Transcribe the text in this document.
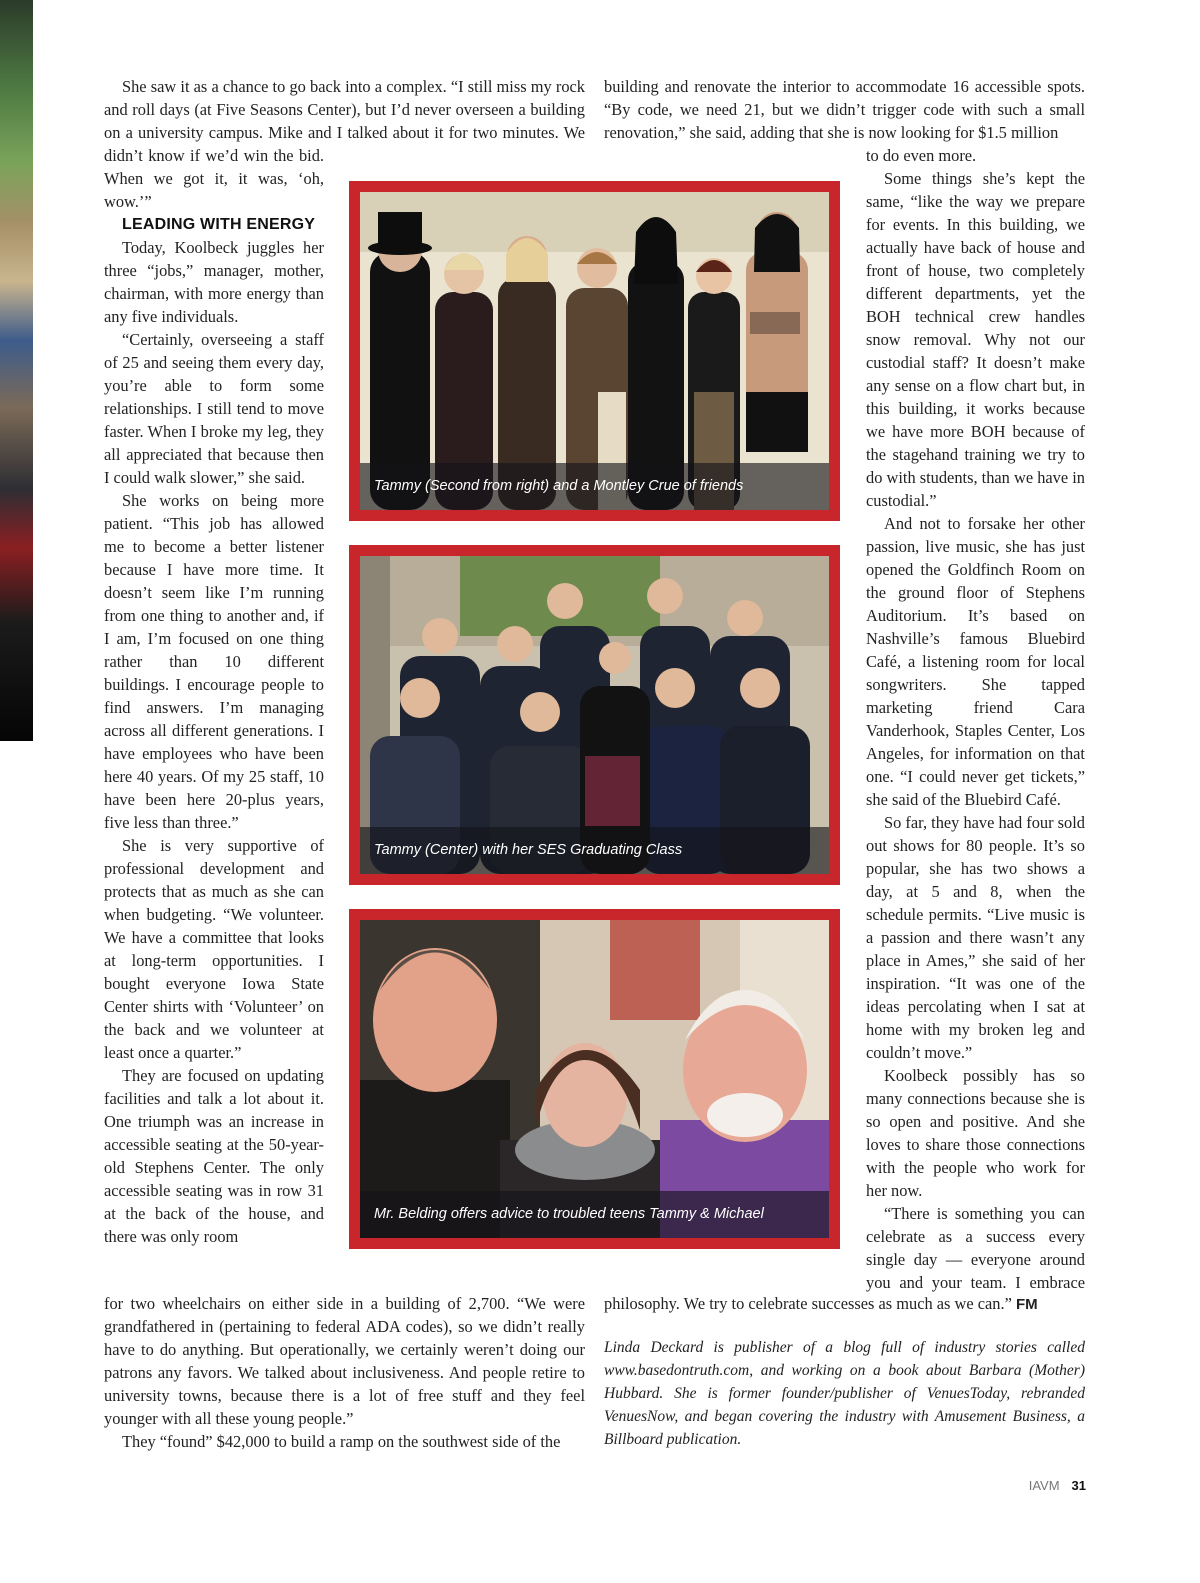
She saw it as a chance to go back into a complex. “I still miss my rock and roll days (at Five Seasons Center), but I’d never overseen a building on a university campus. Mike and I talked about it for two minutes. We

didn’t know if we’d win the bid. When we got it, it was, ‘oh, wow.’”

LEADING WITH ENERGY

Today, Koolbeck juggles her three “jobs,” manager, mother, chairman, with more energy than any five individuals.

“Certainly, overseeing a staff of 25 and seeing them every day, you’re able to form some relationships. I still tend to move faster. When I broke my leg, they all appreciated that because then I could walk slower,” she said.

She works on being more patient. “This job has allowed me to become a better listener because I have more time. It doesn’t seem like I’m running from one thing to another and, if I am, I’m focused on one thing rather than 10 different buildings. I encourage people to find answers. I’m managing across all different generations. I have employees who have been here 40 years. Of my 25 staff, 10 have been here 20-plus years, five less than three.”

She is very supportive of professional development and protects that as much as she can when budgeting. “We volunteer. We have a committee that looks at long-term opportunities. I bought everyone Iowa State Center shirts with ‘Volunteer’ on the back and we volunteer at least once a quarter.”

They are focused on updating facilities and talk a lot about it. One triumph was an increase in accessible seating at the 50-year-old Stephens Center. The only accessible seating was in row 31 at the back of the house, and there was only room

for two wheelchairs on either side in a building of 2,700. “We were grandfathered in (pertaining to federal ADA codes), so we didn’t really have to do anything. But operationally, we certainly weren’t doing our patrons any favors. We talked about inclusiveness. And people retire to university towns, because there is a lot of free stuff and they feel younger with all these young people.”

They “found” $42,000 to build a ramp on the southwest side of the

building and renovate the interior to accommodate 16 accessible spots. “By code, we need 21, but we didn’t trigger code with such a small renovation,” she said, adding that she is now looking for $1.5 million

to do even more.

Some things she’s kept the same, “like the way we prepare for events. In this building, we actually have back of house and front of house, two completely different departments, yet the BOH technical crew handles snow removal. Why not our custodial staff? It doesn’t make any sense on a flow chart but, in this building, it works because we have more BOH because of the stagehand training we try to do with students, than we have in custodial.”

And not to forsake her other passion, live music, she has just opened the Goldfinch Room on the ground floor of Stephens Auditorium. It’s based on Nashville’s famous Bluebird Café, a listening room for local songwriters. She tapped marketing friend Cara Vanderhook, Staples Center, Los Angeles, for information on that one. “I could never get tickets,” she said of the Bluebird Café.

So far, they have had four sold out shows for 80 people. It’s so popular, she has two shows a day, at 5 and 8, when the schedule permits. “Live music is a passion and there wasn’t any place in Ames,” she said of her inspiration. “It was one of the ideas percolating when I sat at home with my broken leg and couldn’t move.”

Koolbeck possibly has so many connections because she is so open and positive. And she loves to share those connections with the people who work for her now.

“There is something you can celebrate as a success every single day — everyone around you and your team. I embrace

philosophy. We try to celebrate successes as much as we can.” FM

Tammy (Second from right) and a Montley Crue of friends
Tammy (Center) with her SES Graduating Class
Mr. Belding offers advice to troubled teens Tammy & Michael
Linda Deckard is publisher of a blog full of industry stories called www.basedontruth.com, and working on a book about Barbara (Mother) Hubbard. She is former founder/publisher of VenuesToday, rebranded VenuesNow, and began covering the industry with Amusement Business, a Billboard publication.
IAVM 31
